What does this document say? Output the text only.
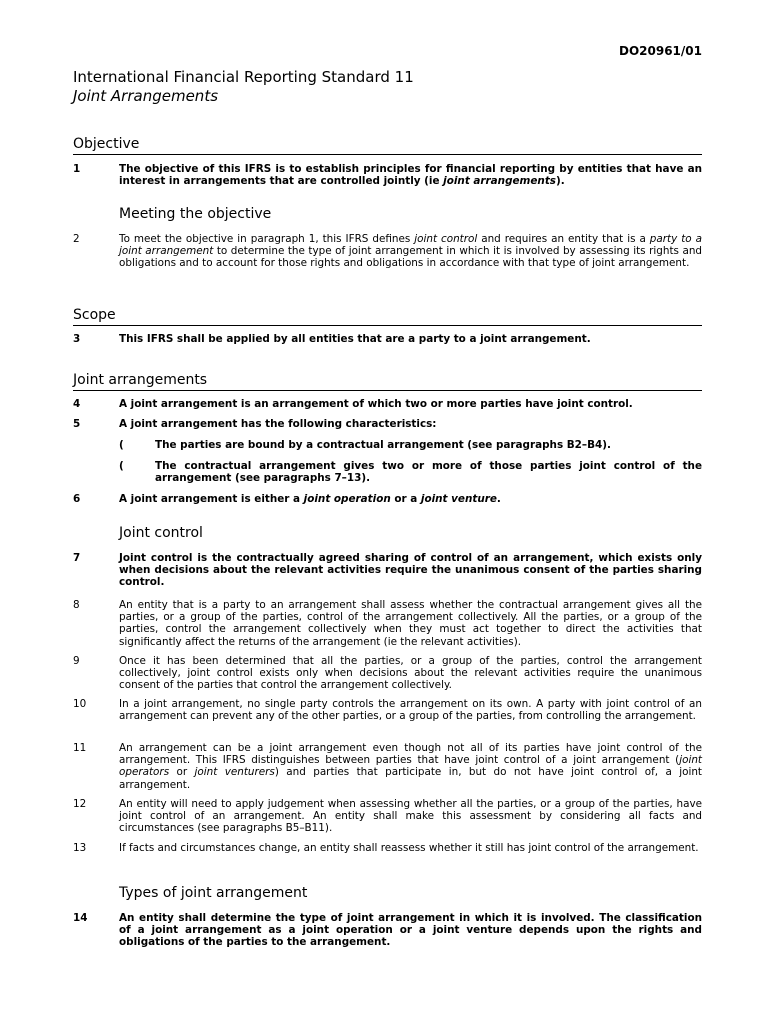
DO20961/01
International Financial Reporting Standard 11
Joint Arrangements
Objective
1	The objective of this IFRS is to establish principles for financial reporting by entities that have an interest in arrangements that are controlled jointly (ie joint arrangements).
Meeting the objective
2	To meet the objective in paragraph 1, this IFRS defines joint control and requires an entity that is a party to a joint arrangement to determine the type of joint arrangement in which it is involved by assessing its rights and obligations and to account for those rights and obligations in accordance with that type of joint arrangement.
Scope
3	This IFRS shall be applied by all entities that are a party to a joint arrangement.
Joint arrangements
4	A joint arrangement is an arrangement of which two or more parties have joint control.
5	A joint arrangement has the following characteristics:
(	The parties are bound by a contractual arrangement (see paragraphs B2–B4).
(	The contractual arrangement gives two or more of those parties joint control of the arrangement (see paragraphs 7–13).
6	A joint arrangement is either a joint operation or a joint venture.
Joint control
7	Joint control is the contractually agreed sharing of control of an arrangement, which exists only when decisions about the relevant activities require the unanimous consent of the parties sharing control.
8	An entity that is a party to an arrangement shall assess whether the contractual arrangement gives all the parties, or a group of the parties, control of the arrangement collectively. All the parties, or a group of the parties, control the arrangement collectively when they must act together to direct the activities that significantly affect the returns of the arrangement (ie the relevant activities).
9	Once it has been determined that all the parties, or a group of the parties, control the arrangement collectively, joint control exists only when decisions about the relevant activities require the unanimous consent of the parties that control the arrangement collectively.
10	In a joint arrangement, no single party controls the arrangement on its own. A party with joint control of an arrangement can prevent any of the other parties, or a group of the parties, from controlling the arrangement.
11	An arrangement can be a joint arrangement even though not all of its parties have joint control of the arrangement. This IFRS distinguishes between parties that have joint control of a joint arrangement (joint operators or joint venturers) and parties that participate in, but do not have joint control of, a joint arrangement.
12	An entity will need to apply judgement when assessing whether all the parties, or a group of the parties, have joint control of an arrangement. An entity shall make this assessment by considering all facts and circumstances (see paragraphs B5–B11).
13	If facts and circumstances change, an entity shall reassess whether it still has joint control of the arrangement.
Types of joint arrangement
14	An entity shall determine the type of joint arrangement in which it is involved. The classification of a joint arrangement as a joint operation or a joint venture depends upon the rights and obligations of the parties to the arrangement.
